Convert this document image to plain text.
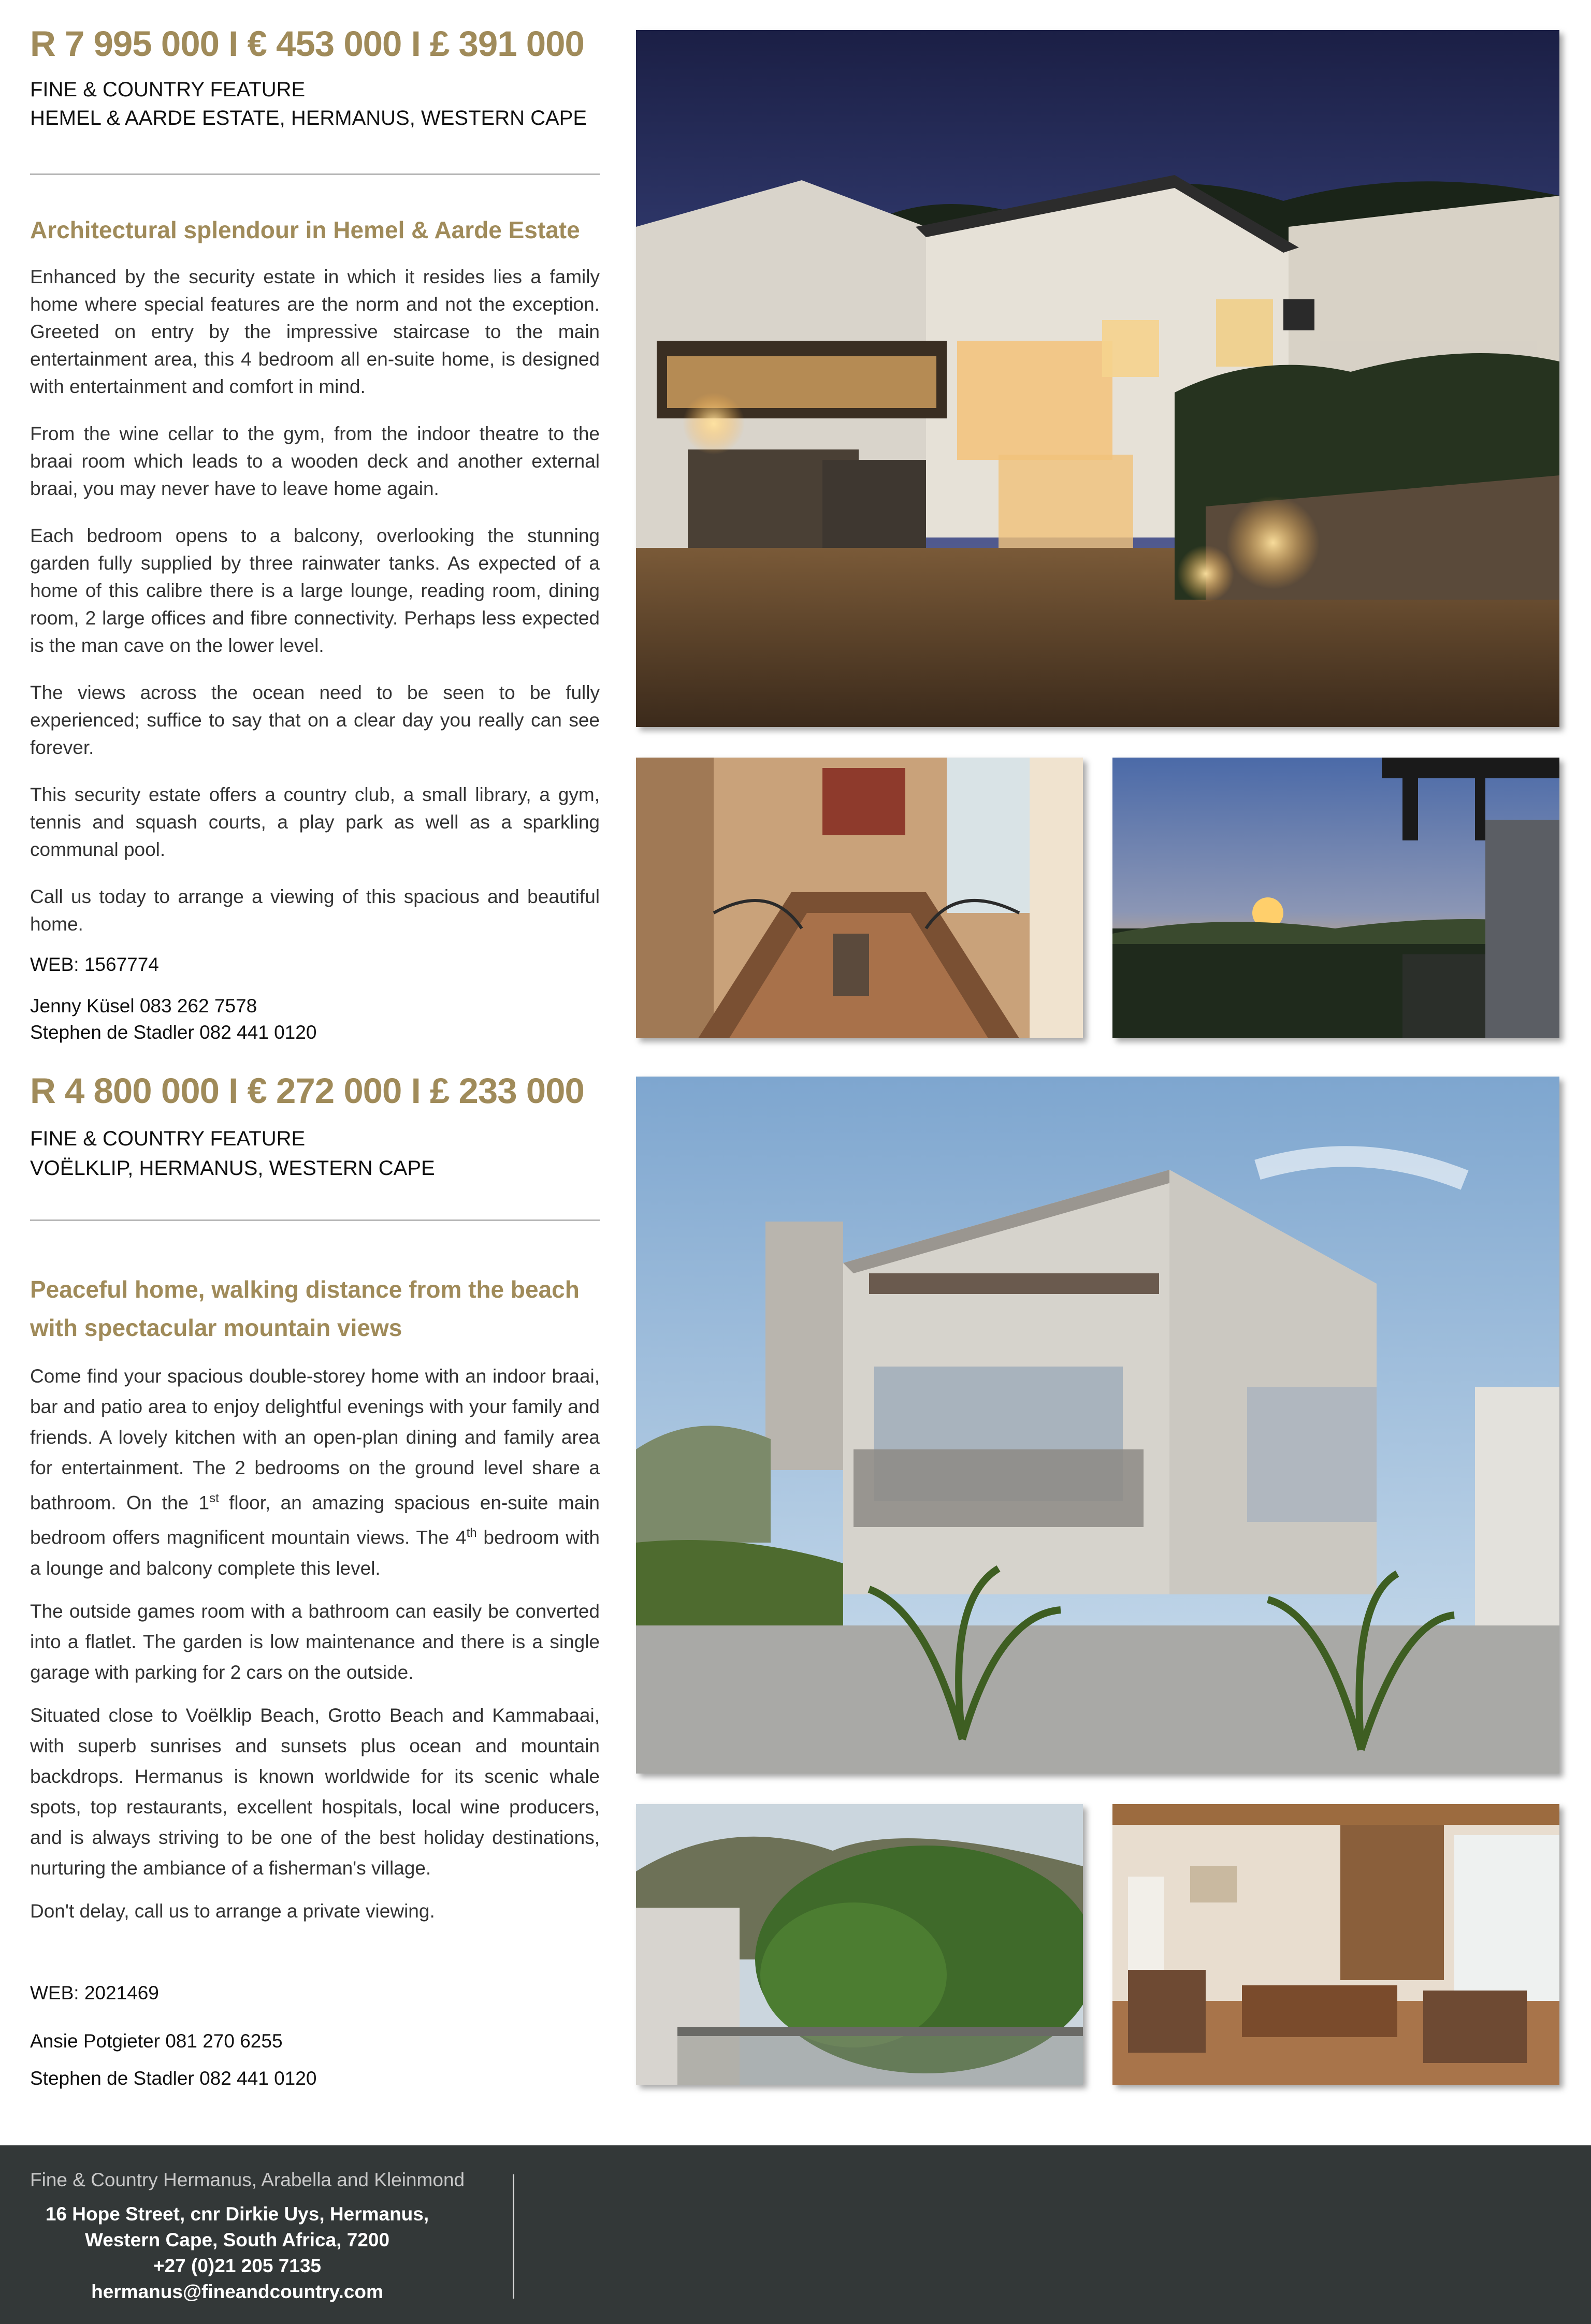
R 7 995 000 I € 453 000 I £ 391 000
FINE & COUNTRY FEATURE
HEMEL & AARDE ESTATE, HERMANUS, WESTERN CAPE
Architectural splendour in Hemel & Aarde Estate

Enhanced by the security estate in which it resides lies a family home where special features are the norm and not the exception. Greeted on entry by the impressive staircase to the main entertainment area, this 4 bedroom all en-suite home, is designed with entertainment and comfort in mind.

From the wine cellar to the gym, from the indoor theatre to the braai room which leads to a wooden deck and another external braai, you may never have to leave home again.

Each bedroom opens to a balcony, overlooking the stunning garden fully supplied by three rainwater tanks. As expected of a home of this calibre there is a large lounge, reading room, dining room, 2 large offices and fibre connectivity. Perhaps less expected is the man cave on the lower level.

The views across the ocean need to be seen to be fully experienced; suffice to say that on a clear day you really can see forever.

This security estate offers a country club, a small library, a gym, tennis and squash courts, a play park as well as a sparkling communal pool.

Call us today to arrange a viewing of this spacious and beautiful home.

WEB: 1567774
Jenny Küsel 083 262 7578
Stephen de Stadler 082 441 0120
R 4 800 000 I € 272 000 I £ 233 000
FINE & COUNTRY FEATURE
VOËLKLIP, HERMANUS, WESTERN CAPE
Peaceful home, walking distance from the beach with spectacular mountain views

Come find your spacious double-storey home with an indoor braai, bar and patio area to enjoy delightful evenings with your family and friends. A lovely kitchen with an open-plan dining and family area for entertainment. The 2 bedrooms on the ground level share a bathroom. On the 1st floor, an amazing spacious en-suite main bedroom offers magnificent mountain views. The 4th bedroom with a lounge and balcony complete this level.

The outside games room with a bathroom can easily be converted into a flatlet. The garden is low maintenance and there is a single garage with parking for 2 cars on the outside.

Situated close to Voëlklip Beach, Grotto Beach and Kammabaai, with superb sunrises and sunsets plus ocean and mountain backdrops. Hermanus is known worldwide for its scenic whale spots, top restaurants, excellent hospitals, local wine producers, and is always striving to be one of the best holiday destinations, nurturing the ambiance of a fisherman's village.

Don't delay, call us to arrange a private viewing.

WEB: 2021469
Ansie Potgieter 081 270 6255
Stephen de Stadler 082 441 0120
Fine & Country Hermanus, Arabella and Kleinmond
16 Hope Street, cnr Dirkie Uys, Hermanus,
Western Cape, South Africa, 7200
+27 (0)21 205 7135
hermanus@fineandcountry.com
